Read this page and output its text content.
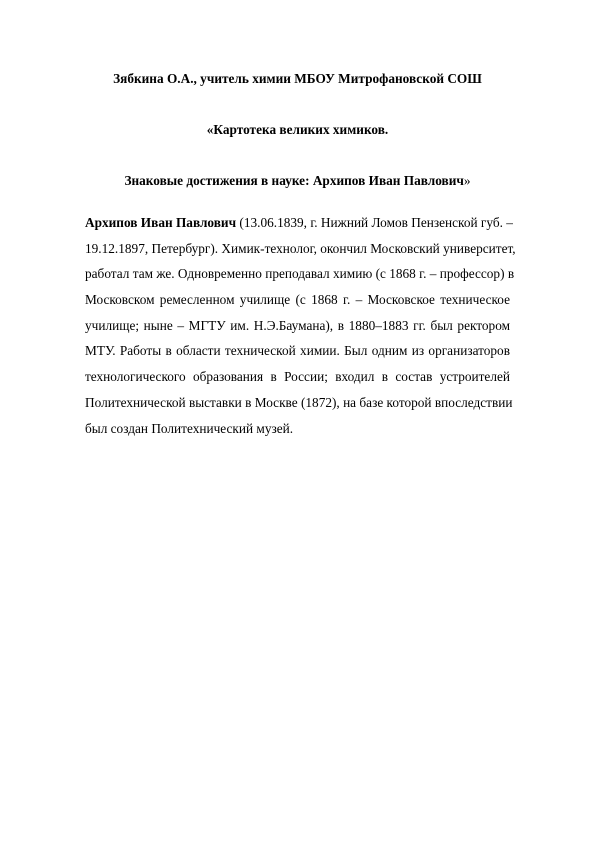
Зябкина О.А., учитель химии МБОУ Митрофановской СОШ
«Картотека великих химиков.
Знаковые достижения в науке: Архипов Иван Павлович»
Архипов Иван Павлович (13.06.1839, г. Нижний Ломов Пензенской губ. –
19.12.1897, Петербург). Химик-технолог, окончил Московский университет,
работал там же. Одновременно преподавал химию (с 1868 г. – профессор) в
Московском ремесленном училище (с 1868 г. – Московское техническое
училище; ныне – МГТУ им. Н.Э.Баумана), в 1880–1883 гг. был ректором
МТУ. Работы в области технической химии. Был одним из организаторов
технологического образования в России; входил в состав устроителей
Политехнической выставки в Москве (1872), на базе которой впоследствии
был создан Политехнический музей.
